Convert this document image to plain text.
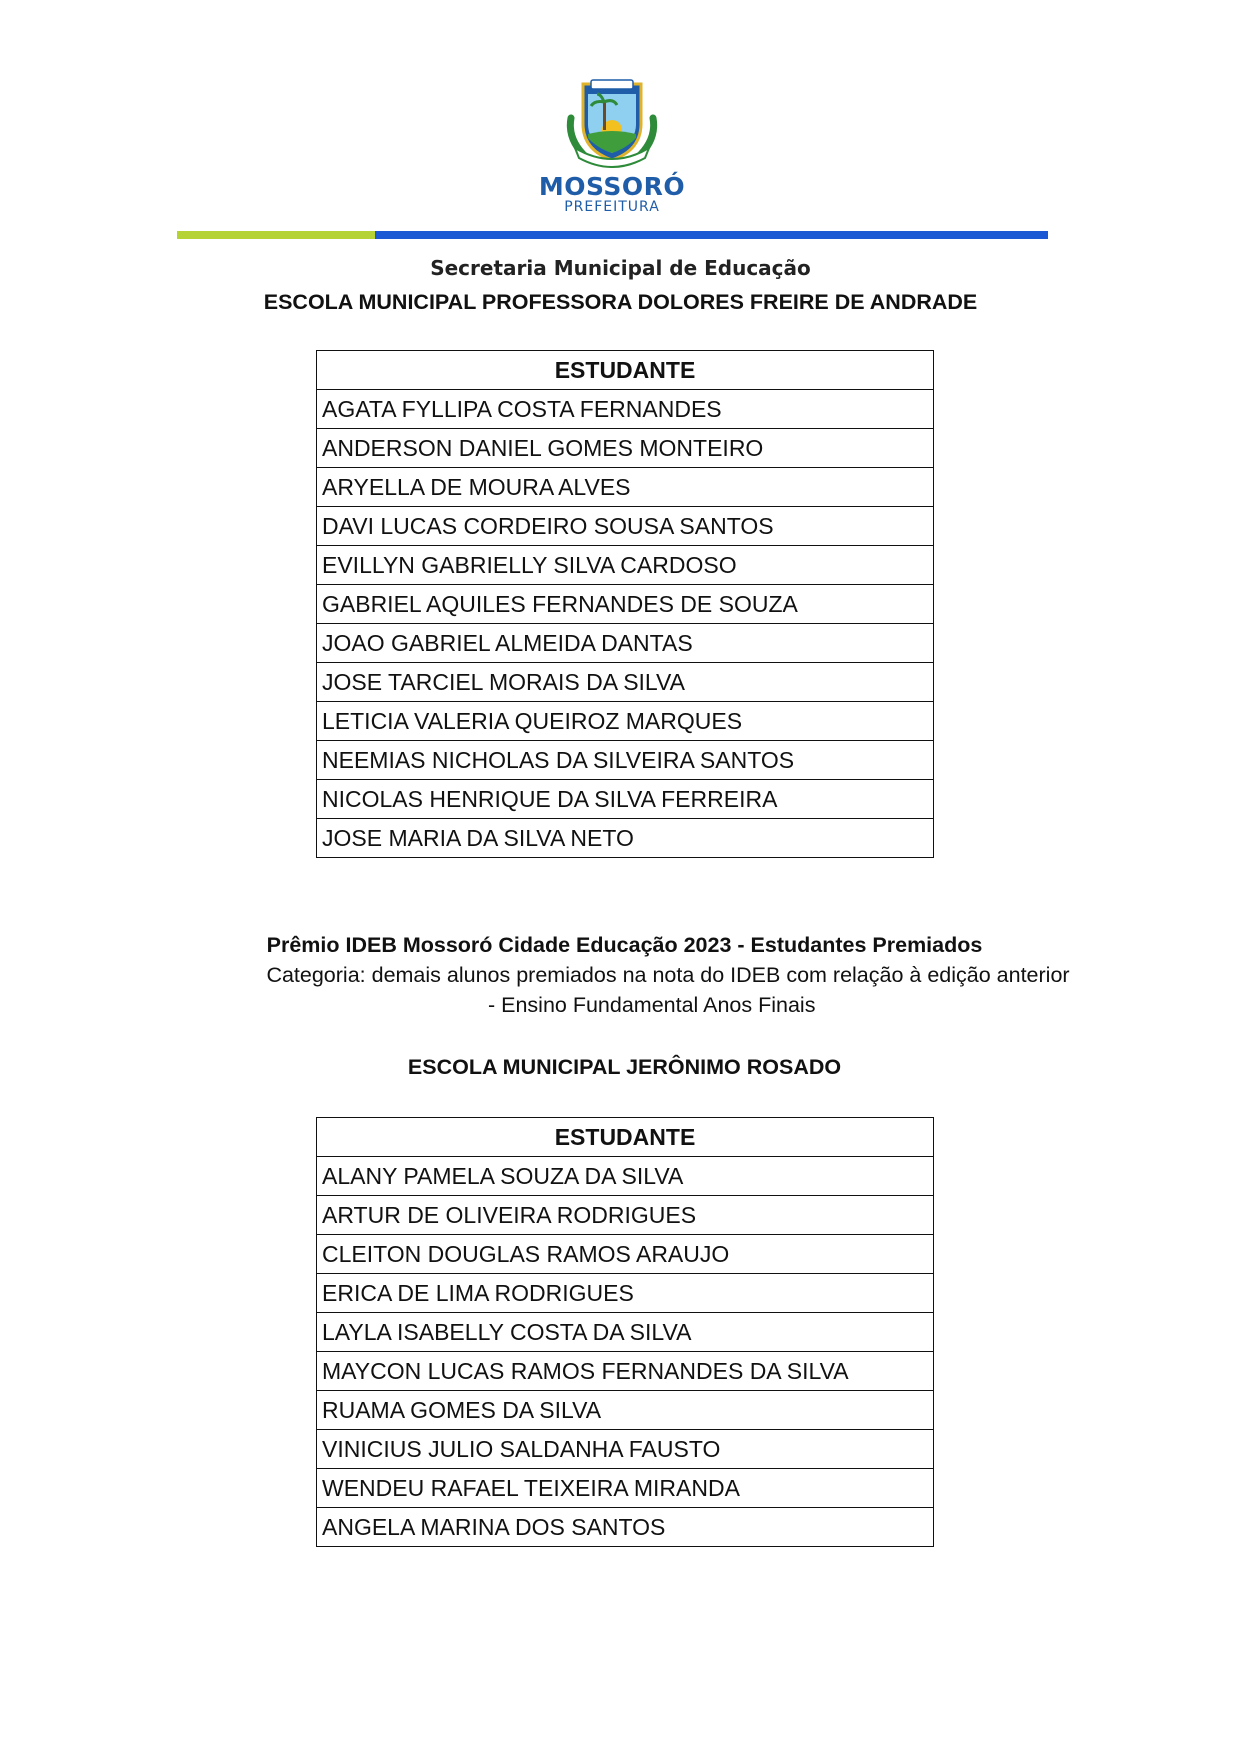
MOSSORÓ
PREFEITURA
Secretaria Municipal de Educação
ESCOLA MUNICIPAL PROFESSORA DOLORES FREIRE DE ANDRADE
ESTUDANTE
AGATA FYLLIPA COSTA FERNANDES
ANDERSON DANIEL GOMES MONTEIRO
ARYELLA DE MOURA ALVES
DAVI LUCAS CORDEIRO SOUSA SANTOS
EVILLYN GABRIELLY SILVA CARDOSO
GABRIEL AQUILES FERNANDES DE SOUZA
JOAO GABRIEL ALMEIDA DANTAS
JOSE TARCIEL MORAIS DA SILVA
LETICIA VALERIA QUEIROZ MARQUES
NEEMIAS NICHOLAS DA SILVEIRA SANTOS
NICOLAS HENRIQUE DA SILVA FERREIRA
JOSE MARIA DA SILVA NETO
Prêmio IDEB Mossoró Cidade Educação 2023 - Estudantes Premiados
Categoria: demais alunos premiados na nota do IDEB com relação à edição anterior
- Ensino Fundamental Anos Finais
ESCOLA MUNICIPAL JERÔNIMO ROSADO
ESTUDANTE
ALANY PAMELA SOUZA DA SILVA
ARTUR DE OLIVEIRA RODRIGUES
CLEITON DOUGLAS RAMOS ARAUJO
ERICA DE LIMA RODRIGUES
LAYLA ISABELLY COSTA DA SILVA
MAYCON LUCAS RAMOS FERNANDES DA SILVA
RUAMA GOMES DA SILVA
VINICIUS JULIO SALDANHA FAUSTO
WENDEU RAFAEL TEIXEIRA MIRANDA
ANGELA MARINA DOS SANTOS
